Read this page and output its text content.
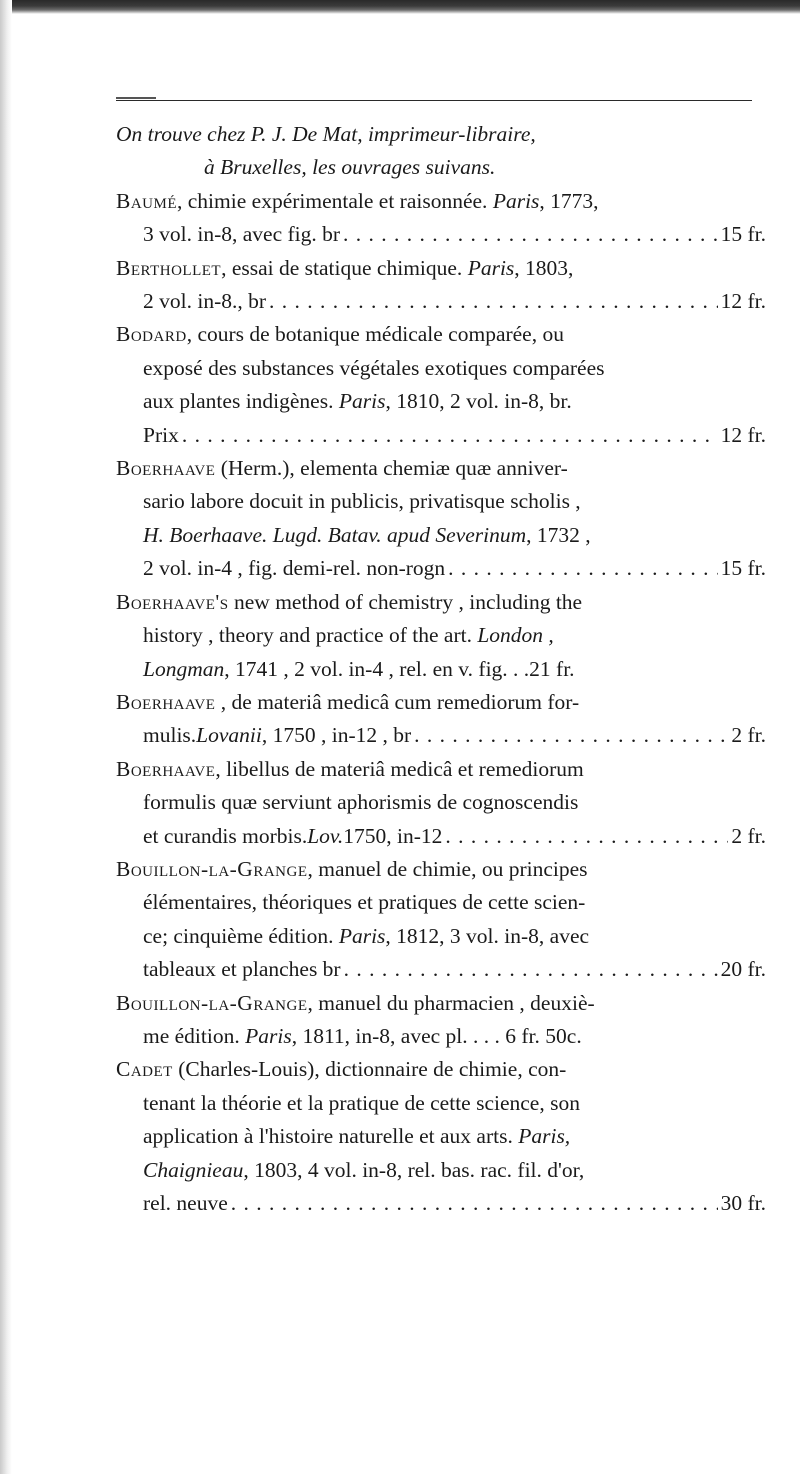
On trouve chez P. J. De Mat, imprimeur-libraire,
à Bruxelles, les ouvrages suivans.

Baumé, chimie expérimentale et raisonnée. Paris, 1773,
3 vol. in-8, avec fig. br . . .	15 fr.
Berthollet, essai de statique chimique. Paris, 1803,
2 vol. in-8., br . . .	12 fr.
Bodard, cours de botanique médicale comparée, ou
exposé des substances végétales exotiques comparées
aux plantes indigènes. Paris, 1810, 2 vol. in-8, br.
Prix . . .	12 fr.
Boerhaave (Herm.), elementa chemiæ quæ anniver-
sario labore docuit in publicis, privatisque scholis ,
H. Boerhaave. Lugd. Batav. apud Severinum, 1732 ,
2 vol. in-4 , fig. demi-rel. non-rogn . . .	15 fr.
Boerhaave's new method of chemistry , including the
history , theory and practice of the art. London ,
Longman, 1741 , 2 vol. in-4 , rel. en v. fig. . .21 fr.
Boerhaave , de materiâ medicâ cum remediorum for-
mulis. Lovanii , 1750 , in-12 , br . . .	2 fr.
Boerhaave, libellus de materiâ medicâ et remediorum
formulis quæ serviunt aphorismis de cognoscendis
et curandis morbis. Lov. 1750, in-12 . . .	2 fr.
Bouillon-la-Grange, manuel de chimie, ou principes
élémentaires, théoriques et pratiques de cette scien-
ce; cinquième édition. Paris, 1812, 3 vol. in-8, avec
tableaux et planches br . . .	20 fr.
Bouillon-la-Grange, manuel du pharmacien , deuxiè-
me édition. Paris, 1811, in-8, avec pl. . . . 6 fr. 50c.
Cadet (Charles-Louis), dictionnaire de chimie, con-
tenant la théorie et la pratique de cette science, son
application à l'histoire naturelle et aux arts. Paris,
Chaignieau, 1803, 4 vol. in-8, rel. bas. rac. fil. d'or,
rel. neuve . . .	30 fr.
